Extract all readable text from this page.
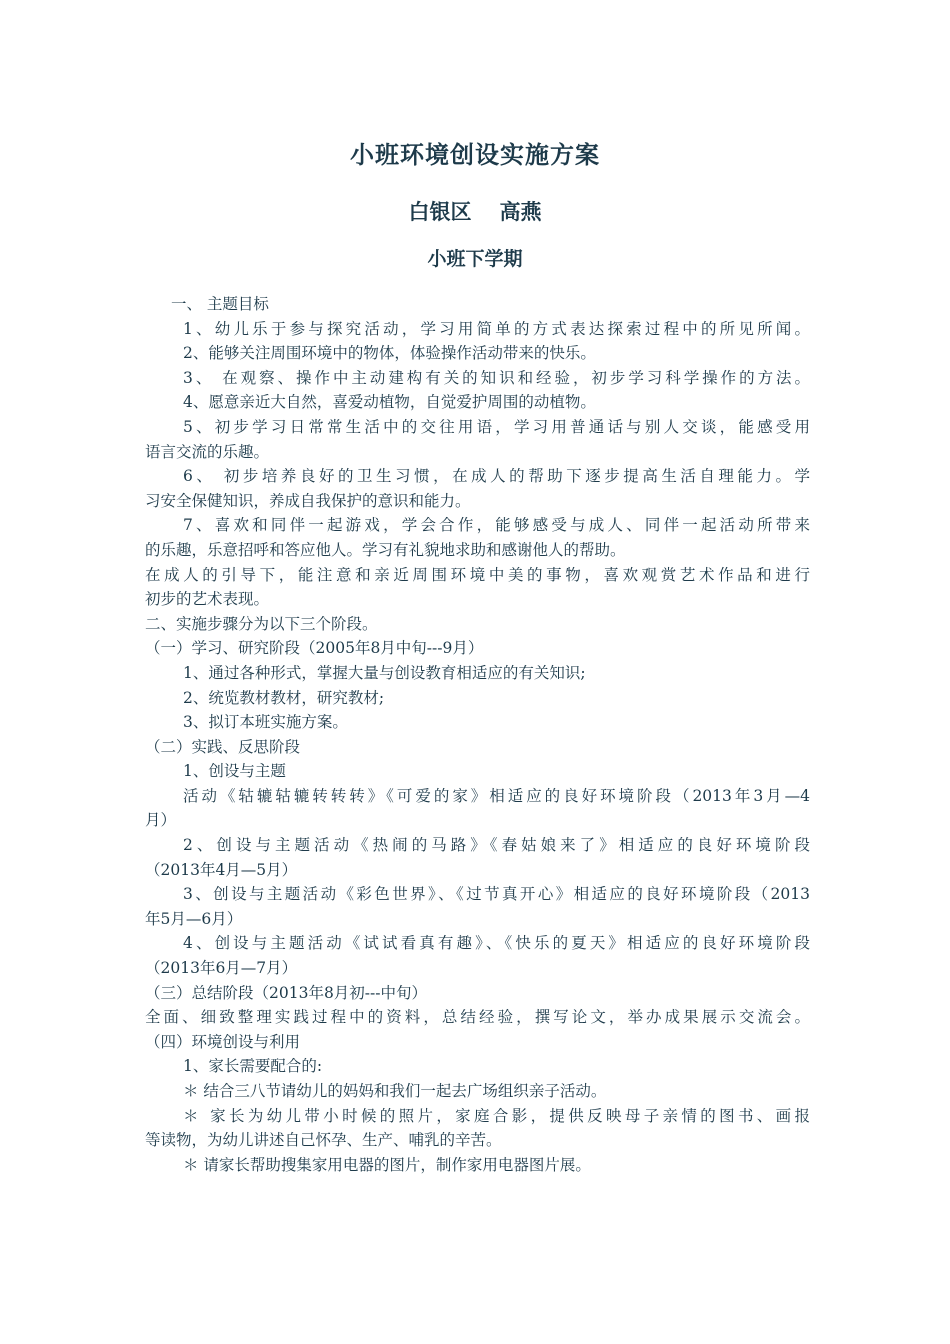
小班环境创设实施方案
白银区 高燕
小班下学期

一、 主题目标

1、幼儿乐于参与探究活动，学习用简单的方式表达探索过程中的所见所闻。

2、能够关注周围环境中的物体，体验操作活动带来的快乐。

3、 在观察、操作中主动建构有关的知识和经验，初步学习科学操作的方法。

4、愿意亲近大自然，喜爱动植物，自觉爱护周围的动植物。

5、初步学习日常常生活中的交往用语，学习用普通话与别人交谈，能感受用

语言交流的乐趣。

6、 初步培养良好的卫生习惯，在成人的帮助下逐步提高生活自理能力。学

习安全保健知识，养成自我保护的意识和能力。

7、喜欢和同伴一起游戏，学会合作，能够感受与成人、同伴一起活动所带来

的乐趣，乐意招呼和答应他人。学习有礼貌地求助和感谢他人的帮助。

在成人的引导下，能注意和亲近周围环境中美的事物，喜欢观赏艺术作品和进行

初步的艺术表现。

二、实施步骤分为以下三个阶段。

（一）学习、研究阶段（2005年8月中旬---9月）

1、通过各种形式，掌握大量与创设教育相适应的有关知识;

2、统览教材教材，研究教材;

3、拟订本班实施方案。

（二）实践、反思阶段

1、创设与主题

活动《轱辘轱辘转转转》《可爱的家》相适应的良好环境阶段（2013年3月—4

月）

2、创设与主题活动《热闹的马路》《春姑娘来了》相适应的良好环境阶段

（2013年4月—5月）

3、创设与主题活动《彩色世界》、《过节真开心》相适应的良好环境阶段（2013

年5月—6月）

4、创设与主题活动《试试看真有趣》、《快乐的夏天》相适应的良好环境阶段

（2013年6月—7月）

（三）总结阶段（2013年8月初---中旬）

全面、细致整理实践过程中的资料，总结经验，撰写论文，举办成果展示交流会。

（四）环境创设与利用

1、家长需要配合的:

＊ 结合三八节请幼儿的妈妈和我们一起去广场组织亲子活动。

＊ 家长为幼儿带小时候的照片，家庭合影，提供反映母子亲情的图书、画报

等读物，为幼儿讲述自己怀孕、生产、哺乳的辛苦。

＊ 请家长帮助搜集家用电器的图片，制作家用电器图片展。
